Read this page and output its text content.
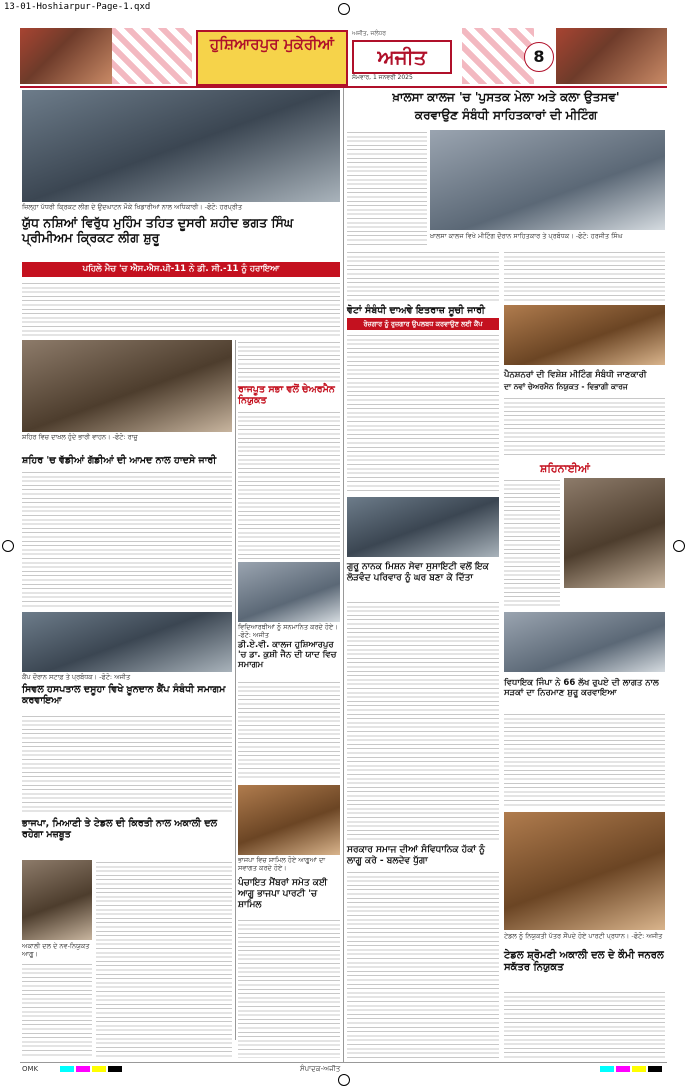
13-01-Hoshiarpur-Page-1.qxd
ਹੁਸ਼ਿਆਰਪੁਰ ਮੁਕੇਰੀਆਂ
ਅਜੀਤ, ਜਲੰਧਰ
ਅਜੀਤ
ਸੋਮਵਾਰ, 1 ਜਨਵਰੀ 2025
8
ਜ਼ਿਲ੍ਹਾ ਪੱਧਰੀ ਕ੍ਰਿਕਟ ਲੀਗ ਦੇ ਉਦਘਾਟਨ ਮੌਕੇ ਖਿਡਾਰੀਆਂ ਨਾਲ ਅਧਿਕਾਰੀ। -ਫੋਟੋ: ਹਰਪ੍ਰੀਤ
ਯੁੱਧ ਨਸ਼ਿਆਂ ਵਿਰੁੱਧ ਮੁਹਿੰਮ ਤਹਿਤ ਦੂਸਰੀ ਸ਼ਹੀਦ ਭਗਤ ਸਿੰਘ ਪ੍ਰੀਮੀਅਮ ਕ੍ਰਿਕਟ ਲੀਗ ਸ਼ੁਰੂ
ਪਹਿਲੇ ਮੈਚ 'ਚ ਐਸ.ਐਸ.ਪੀ-11 ਨੇ ਡੀ. ਸੀ.-11 ਨੂੰ ਹਰਾਇਆ
ਸ਼ਹਿਰ ਵਿਚ ਦਾਖ਼ਲ ਹੁੰਦੇ ਭਾਰੀ ਵਾਹਨ। -ਫੋਟੋ: ਰਾਜੂ
ਸ਼ਹਿਰ 'ਚ ਵੱਡੀਆਂ ਗੱਡੀਆਂ ਦੀ ਆਮਦ ਨਾਲ ਹਾਦਸੇ ਜਾਰੀ
ਰਾਜਪੂਤ ਸਭਾ ਵਲੋਂ ਚੇਅਰਮੈਨ ਨਿਯੁਕਤ
ਵਿਦਿਆਰਥੀਆਂ ਨੂੰ ਸਨਮਾਨਿਤ ਕਰਦੇ ਹੋਏ। -ਫੋਟੋ: ਅਜੀਤ
ਡੀ.ਏ.ਵੀ. ਕਾਲਜ ਹੁਸ਼ਿਆਰਪੁਰ 'ਚ ਡਾ. ਕੁਸ਼ੀ ਜੈਨ ਦੀ ਯਾਦ ਵਿਚ ਸਮਾਗਮ
ਕੈਂਪ ਦੌਰਾਨ ਸਟਾਫ਼ ਤੇ ਪ੍ਰਬੰਧਕ। -ਫੋਟੋ: ਅਜੀਤ
ਸਿਵਲ ਹਸਪਤਾਲ ਦਸੂਹਾ ਵਿਖੇ ਖ਼ੂਨਦਾਨ ਕੈਂਪ ਸੰਬੰਧੀ ਸਮਾਗਮ ਕਰਵਾਇਆ
ਭਾਜਪਾ ਵਿਚ ਸ਼ਾਮਿਲ ਹੋਏ ਆਗੂਆਂ ਦਾ ਸਵਾਗਤ ਕਰਦੇ ਹੋਏ।
ਪੰਚਾਇਤ ਮੈਂਬਰਾਂ ਸਮੇਤ ਕਈ ਆਗੂ ਭਾਜਪਾ ਪਾਰਟੀ 'ਚ ਸ਼ਾਮਿਲ
ਭਾਜਪਾ, ਮਿਆਣੀ ਤੇ ਟੇਡਲ ਦੀ ਕਿਰਤੀ ਨਾਲ ਅਕਾਲੀ ਦਲ ਰਹੇਗਾ ਮਜ਼ਬੂਤ
ਅਕਾਲੀ ਦਲ ਦੇ ਨਵ-ਨਿਯੁਕਤ ਆਗੂ।
ਖ਼ਾਲਸਾ ਕਾਲਜ 'ਚ 'ਪੁਸਤਕ ਮੇਲਾ ਅਤੇ ਕਲਾ ਉਤਸਵ'
ਕਰਵਾਉਣ ਸੰਬੰਧੀ ਸਾਹਿਤਕਾਰਾਂ ਦੀ ਮੀਟਿੰਗ
ਖ਼ਾਲਸਾ ਕਾਲਜ ਵਿਖੇ ਮੀਟਿੰਗ ਦੌਰਾਨ ਸਾਹਿਤਕਾਰ ਤੇ ਪ੍ਰਬੰਧਕ। -ਫੋਟੋ: ਹਰਜੀਤ ਸਿੰਘ
ਵੋਟਾਂ ਸੰਬੰਧੀ ਦਾਅਵੇ ਇਤਰਾਜ਼ ਸੂਚੀ ਜਾਰੀ
ਰੋਜ਼ਗਾਰ ਨੂੰ ਰੁਜ਼ਗਾਰ ਉਪਲਬਧ ਕਰਵਾਉਣ ਲਈ ਕੈਂਪ
ਪੈਨਸ਼ਨਰਾਂ ਦੀ ਵਿਸ਼ੇਸ਼ ਮੀਟਿੰਗ ਸੰਬੰਧੀ ਜਾਣਕਾਰੀ
ਦਾ ਨਵਾਂ ਚੇਅਰਮੈਨ ਨਿਯੁਕਤ - ਵਿਭਾਗੀ ਕਾਰਜ
ਸ਼ਹਿਨਾਈਆਂ
ਗੁਰੂ ਨਾਨਕ ਮਿਸ਼ਨ ਸੇਵਾ ਸੁਸਾਇਟੀ ਵਲੋਂ ਇਕ ਲੋੜਵੰਦ ਪਰਿਵਾਰ ਨੂੰ ਘਰ ਬਣਾ ਕੇ ਦਿੱਤਾ
ਵਿਧਾਇਕ ਜਿੰਪਾ ਨੇ 66 ਲੱਖ ਰੁਪਏ ਦੀ ਲਾਗਤ ਨਾਲ ਸੜਕਾਂ ਦਾ ਨਿਰਮਾਣ ਸ਼ੁਰੂ ਕਰਵਾਇਆ
ਸਰਕਾਰ ਸਮਾਜ ਦੀਆਂ ਸੰਵਿਧਾਨਿਕ ਹੱਕਾਂ ਨੂੰ ਲਾਗੂ ਕਰੇ - ਬਲਦੇਵ ਧੁੱਗਾ
ਟੇਡਲ ਨੂੰ ਨਿਯੁਕਤੀ ਪੱਤਰ ਸੌਂਪਦੇ ਹੋਏ ਪਾਰਟੀ ਪ੍ਰਧਾਨ। -ਫੋਟੋ: ਅਜੀਤ
ਟੇਡਲ ਸ਼੍ਰੋਮਣੀ ਅਕਾਲੀ ਦਲ ਦੇ ਕੌਮੀ ਜਨਰਲ ਸਕੱਤਰ ਨਿਯੁਕਤ
OMK	ਸੰਪਾਦਕ-ਅਜੀਤ
